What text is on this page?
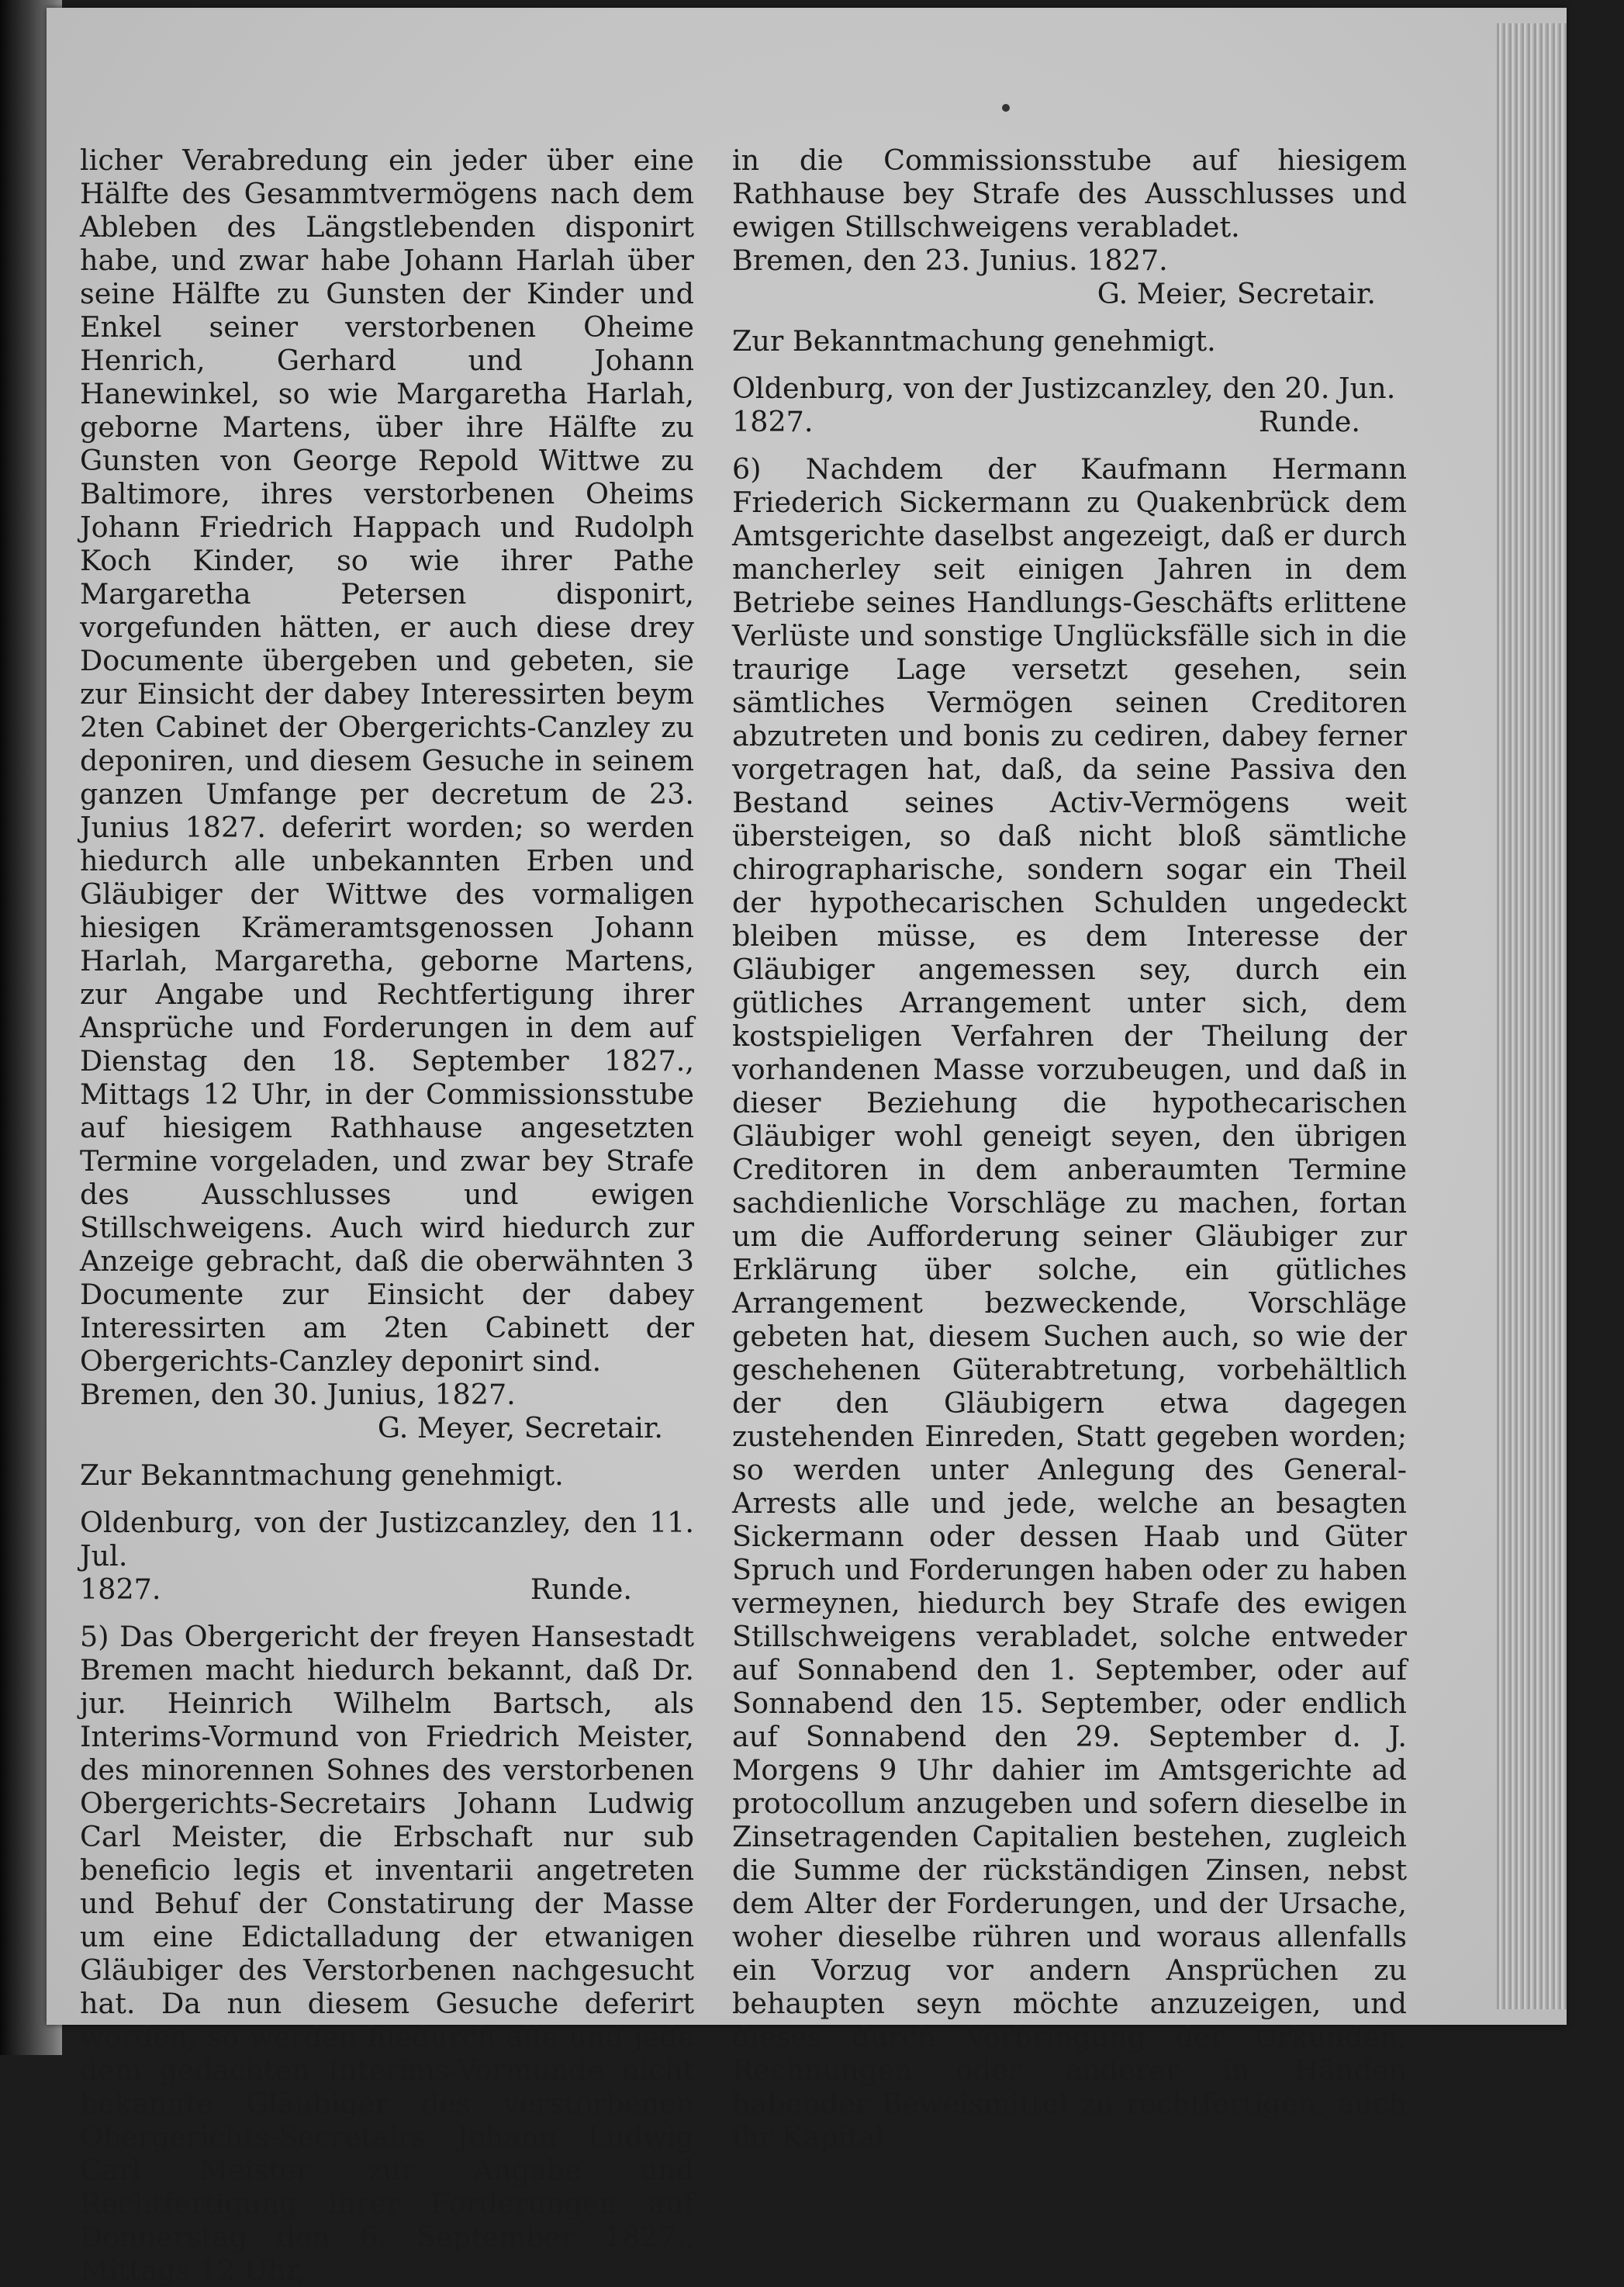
licher Verabredung ein jeder über eine Hälfte des Gesammtvermögens nach dem Ableben des Längstlebenden disponirt habe, und zwar habe Johann Harlah über seine Hälfte zu Gunsten der Kinder und Enkel seiner verstorbenen Oheime Henrich, Gerhard und Johann Hanewinkel, so wie Margaretha Harlah, geborne Martens, über ihre Hälfte zu Gunsten von George Repold Wittwe zu Baltimore, ihres verstorbenen Oheims Johann Friedrich Happach und Rudolph Koch Kinder, so wie ihrer Pathe Margaretha Petersen disponirt, vorgefunden hätten, er auch diese drey Documente übergeben und gebeten, sie zur Einsicht der dabey Interessirten beym 2ten Cabinet der Obergerichts-Canzley zu deponiren, und diesem Gesuche in seinem ganzen Umfange per decretum de 23. Junius 1827. deferirt worden; so werden hiedurch alle unbekannten Erben und Gläubiger der Wittwe des vormaligen hiesigen Krämeramtsgenossen Johann Harlah, Margaretha, geborne Martens, zur Angabe und Rechtfertigung ihrer Ansprüche und Forderungen in dem auf Dienstag den 18. September 1827., Mittags 12 Uhr, in der Commissionsstube auf hiesigem Rathhause angesetzten Termine vorgeladen, und zwar bey Strafe des Ausschlusses und ewigen Stillschweigens. Auch wird hiedurch zur Anzeige gebracht, daß die oberwähnten 3 Documente zur Einsicht der dabey Interessirten am 2ten Cabinett der Obergerichts-Canzley deponirt sind.

Bremen, den 30. Junius, 1827.

G. Meyer, Secretair.

Zur Bekanntmachung genehmigt.

Oldenburg, von der Justizcanzley, den 11. Jul.

1827.	Runde.

5) Das Obergericht der freyen Hansestadt Bremen macht hiedurch bekannt, daß Dr. jur. Heinrich Wilhelm Bartsch, als Interims-Vormund von Friedrich Meister, des minorennen Sohnes des verstorbenen Obergerichts-Secretairs Johann Ludwig Carl Meister, die Erbschaft nur sub beneficio legis et inventarii angetreten und Behuf der Constatirung der Masse um eine Edictalladung der etwanigen Gläubiger des Verstorbenen nachgesucht hat. Da nun diesem Gesuche deferirt worden, so werden hiedurch alle und jede dem gedachten Interims-Vormunde nicht bekannte Gläubiger des verstorbenen Obergerichts-Secretairs Johann Ludwig Carl Meister zur Angabe und Rechtfertigung ihrer Forderungen auf Donnerstag den 6. September 1827., Mittags 12 Uhr,

in die Commissionsstube auf hiesigem Rathhause bey Strafe des Ausschlusses und ewigen Stillschweigens verabladet.

Bremen, den 23. Junius. 1827.

G. Meier, Secretair.

Zur Bekanntmachung genehmigt.

Oldenburg, von der Justizcanzley, den 20. Jun.

1827.	Runde.

6) Nachdem der Kaufmann Hermann Friederich Sickermann zu Quakenbrück dem Amtsgerichte daselbst angezeigt, daß er durch mancherley seit einigen Jahren in dem Betriebe seines Handlungs-Geschäfts erlittene Verlüste und sonstige Unglücksfälle sich in die traurige Lage versetzt gesehen, sein sämtliches Vermögen seinen Creditoren abzutreten und bonis zu cediren, dabey ferner vorgetragen hat, daß, da seine Passiva den Bestand seines Activ-Vermögens weit übersteigen, so daß nicht bloß sämtliche chirographarische, sondern sogar ein Theil der hypothecarischen Schulden ungedeckt bleiben müsse, es dem Interesse der Gläubiger angemessen sey, durch ein gütliches Arrangement unter sich, dem kostspieligen Verfahren der Theilung der vorhandenen Masse vorzubeugen, und daß in dieser Beziehung die hypothecarischen Gläubiger wohl geneigt seyen, den übrigen Creditoren in dem anberaumten Termine sachdienliche Vorschläge zu machen, fortan um die Aufforderung seiner Gläubiger zur Erklärung über solche, ein gütliches Arrangement bezweckende, Vorschläge gebeten hat, diesem Suchen auch, so wie der geschehenen Güterabtretung, vorbehältlich der den Gläubigern etwa dagegen zustehenden Einreden, Statt gegeben worden; so werden unter Anlegung des General-Arrests alle und jede, welche an besagten Sickermann oder dessen Haab und Güter Spruch und Forderungen haben oder zu haben vermeynen, hiedurch bey Strafe des ewigen Stillschweigens verabladet, solche entweder auf Sonnabend den 1. September, oder auf Sonnabend den 15. September, oder endlich auf Sonnabend den 29. September d. J. Morgens 9 Uhr dahier im Amtsgerichte ad protocollum anzugeben und sofern dieselbe in Zinsetragenden Capitalien bestehen, zugleich die Summe der rückständigen Zinsen, nebst dem Alter der Forderungen, und der Ursache, woher dieselbe rühren und woraus allenfalls ein Vorzug vor andern Ansprüchen zu behaupten seyn möchte anzuzeigen, und dieses durch Vorbringung der Urkunden, Rechnungen oder anderer in Händen habender Beweismittel zu rechtfertigen, auch ihr Kapital
